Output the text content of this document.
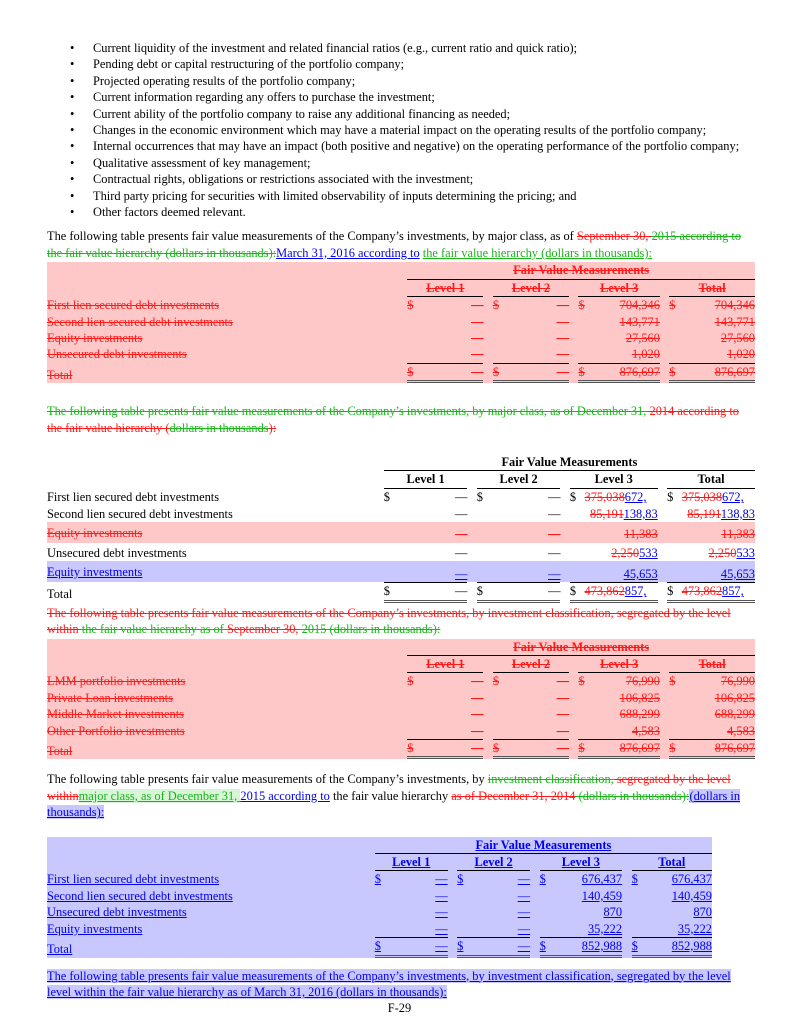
• Current liquidity of the investment and related financial ratios (e.g., current ratio and quick ratio);
• Pending debt or capital restructuring of the portfolio company;
• Projected operating results of the portfolio company;
• Current information regarding any offers to purchase the investment;
• Current ability of the portfolio company to raise any additional financing as needed;
• Changes in the economic environment which may have a material impact on the operating results of the portfolio company;
• Internal occurrences that may have an impact (both positive and negative) on the operating performance of the portfolio company;
• Qualitative assessment of key management;
• Contractual rights, obligations or restrictions associated with the investment;
• Third party pricing for securities with limited observability of inputs determining the pricing; and
• Other factors deemed relevant.

The following table presents fair value measurements of the Company’s investments, by major class, as of September 30, 2015 according to the fair value hierarchy (dollars in thousands):March 31, 2016 according to the fair value hierarchy (dollars in thousands):

	Fair Value Measurements										
	Level 1			Level 2			Level 3			Total	
First lien secured debt investments	$	—		$	—		$	704,346		$	704,346
Second lien secured debt investments		—			—			143,771			143,771
Equity investments		—			—			27,560			27,560
Unsecured debt investments		—			—			1,020			1,020
Total	$	—		$	—		$	876,697		$	876,697

The following table presents fair value measurements of the Company’s investments, by major class, as of December 31, 2014 according to the fair value hierarchy (dollars in thousands):

	Fair Value Measurements										
	Level 1			Level 2			Level 3			Total	
First lien secured debt investments	$	—		$	—		$	375,038672,		$	375,038672,
Second lien secured debt investments		—			—			85,191138,83			85,191138,83
Equity investments		—			—			11,383			11,383
Unsecured debt investments		—			—			2,250533			2,250533
Equity investments		—			—			45,653			45,653
Total	$	—		$	—		$	473,862857,		$	473,862857,

The following table presents fair value measurements of the Company’s investments, by investment classification, segregated by the level within the fair value hierarchy as of September 30, 2015 (dollars in thousands):

	Fair Value Measurements										
	Level 1			Level 2			Level 3			Total	
LMM portfolio investments	$	—		$	—		$	76,990		$	76,990
Private Loan investments		—			—			106,825			106,825
Middle Market investments		—			—			688,299			688,299
Other Portfolio investments		—			—			4,583			4,583
Total	$	—		$	—		$	876,697		$	876,697

The following table presents fair value measurements of the Company’s investments, by investment classification, segregated by the level withinmajor class, as of December 31, 2015 according to the fair value hierarchy as of December 31, 2014 (dollars in thousands):(dollars in thousands):

	Fair Value Measurements										
	Level 1			Level 2			Level 3			Total	
First lien secured debt investments	$	—		$	—		$	676,437		$	676,437
Second lien secured debt investments		—			—			140,459			140,459
Unsecured debt investments		—			—			870			870
Equity investments		—			—			35,222			35,222
Total	$	—		$	—		$	852,988		$	852,988

The following table presents fair value measurements of the Company’s investments, by investment classification, segregated by the level level within the fair value hierarchy as of March 31, 2016 (dollars in thousands):

F-29
